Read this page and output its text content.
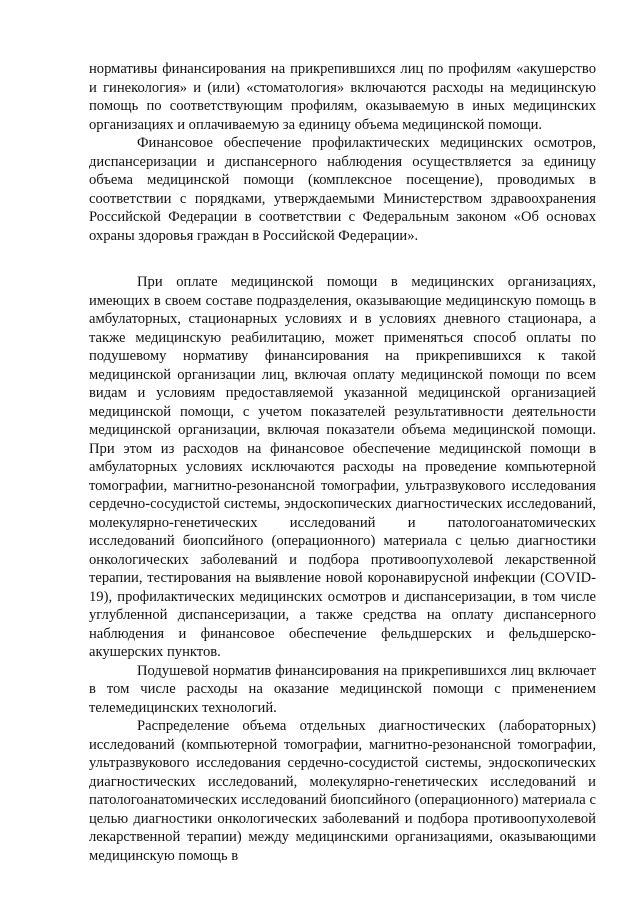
нормативы финансирования на прикрепившихся лиц по профилям «акушерство и гинекология» и (или) «стоматология» включаются расходы на медицинскую помощь по соответствующим профилям, оказываемую в иных медицинских организациях и оплачиваемую за единицу объема медицинской помощи.

Финансовое обеспечение профилактических медицинских осмотров, диспансеризации и диспансерного наблюдения осуществляется за единицу объема медицинской помощи (комплексное посещение), проводимых в соответствии с порядками, утверждаемыми Министерством здравоохранения Российской Федерации в соответствии с Федеральным законом «Об основах охраны здоровья граждан в Российской Федерации».

При оплате медицинской помощи в медицинских организациях, имеющих в своем составе подразделения, оказывающие медицинскую помощь в амбулаторных, стационарных условиях и в условиях дневного стационара, а также медицинскую реабилитацию, может применяться способ оплаты по подушевому нормативу финансирования на прикрепившихся к такой медицинской организации лиц, включая оплату медицинской помощи по всем видам и условиям предоставляемой указанной медицинской организацией медицинской помощи, с учетом показателей результативности деятельности медицинской организации, включая показатели объема медицинской помощи. При этом из расходов на финансовое обеспечение медицинской помощи в амбулаторных условиях исключаются расходы на проведение компьютерной томографии, магнитно-резонансной томографии, ультразвукового исследования сердечно-сосудистой системы, эндоскопических диагностических исследований, молекулярно-генетических исследований и патологоанатомических исследований биопсийного (операционного) материала с целью диагностики онкологических заболеваний и подбора противоопухолевой лекарственной терапии, тестирования на выявление новой коронавирусной инфекции (COVID-19), профилактических медицинских осмотров и диспансеризации, в том числе углубленной диспансеризации, а также средства на оплату диспансерного наблюдения и финансовое обеспечение фельдшерских и фельдшерско-акушерских пунктов.

Подушевой норматив финансирования на прикрепившихся лиц включает в том числе расходы на оказание медицинской помощи с применением телемедицинских технологий.

Распределение объема отдельных диагностических (лабораторных) исследований (компьютерной томографии, магнитно-резонансной томографии, ультразвукового исследования сердечно-сосудистой системы, эндоскопических диагностических исследований, молекулярно-генетических исследований и патологоанатомических исследований биопсийного (операционного) материала с целью диагностики онкологических заболеваний и подбора противоопухолевой лекарственной терапии) между медицинскими организациями, оказывающими медицинскую помощь в
